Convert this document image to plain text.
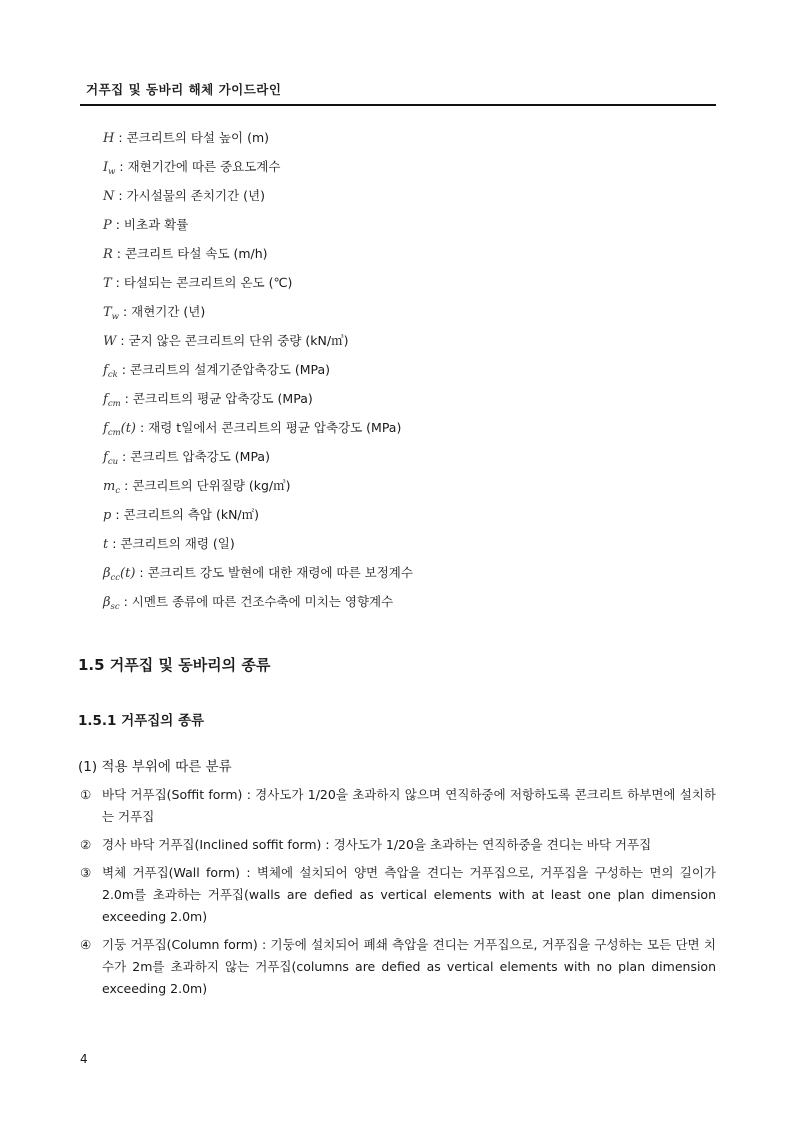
거푸집 및 동바리 해체 가이드라인
H : 콘크리트의 타설 높이 (m)
$I_w$ : 재현기간에 따른 중요도계수
N : 가시설물의 존치기간 (년)
P : 비초과 확률
R : 콘크리트 타설 속도 (m/h)
T : 타설되는 콘크리트의 온도 (℃)
$T_w$ : 재현기간 (년)
W : 굳지 않은 콘크리트의 단위 중량 (kN/㎥)
$f_{ck}$ : 콘크리트의 설계기준압축강도 (MPa)
$f_{cm}$ : 콘크리트의 평균 압축강도 (MPa)
$f_{cm}(t)$ : 재령 t일에서 콘크리트의 평균 압축강도 (MPa)
$f_{cu}$ : 콘크리트 압축강도 (MPa)
$m_c$ : 콘크리트의 단위질량 (kg/㎥)
p : 콘크리트의 측압 (kN/㎡)
t : 콘크리트의 재령 (일)
$\beta_{cc}(t)$ : 콘크리트 강도 발현에 대한 재령에 따른 보정계수
$\beta_{sc}$ : 시멘트 종류에 따른 건조수축에 미치는 영향계수
1.5 거푸집 및 동바리의 종류
1.5.1 거푸집의 종류
(1) 적용 부위에 따른 분류
① 바닥 거푸집(Soffit form) : 경사도가 1/20을 초과하지 않으며 연직하중에 저항하도록 콘크리트 하부면에 설치하는 거푸집
② 경사 바닥 거푸집(Inclined soffit form) : 경사도가 1/20을 초과하는 연직하중을 견디는 바닥 거푸집
③ 벽체 거푸집(Wall form) : 벽체에 설치되어 양면 측압을 견디는 거푸집으로, 거푸집을 구성하는 면의 길이가 2.0m를 초과하는 거푸집(walls are defied as vertical elements with at least one plan dimension exceeding 2.0m)
④ 기둥 거푸집(Column form) : 기둥에 설치되어 폐쇄 측압을 견디는 거푸집으로, 거푸집을 구성하는 모든 단면 치수가 2m를 초과하지 않는 거푸집(columns are defied as vertical elements with no plan dimension exceeding 2.0m)
4
